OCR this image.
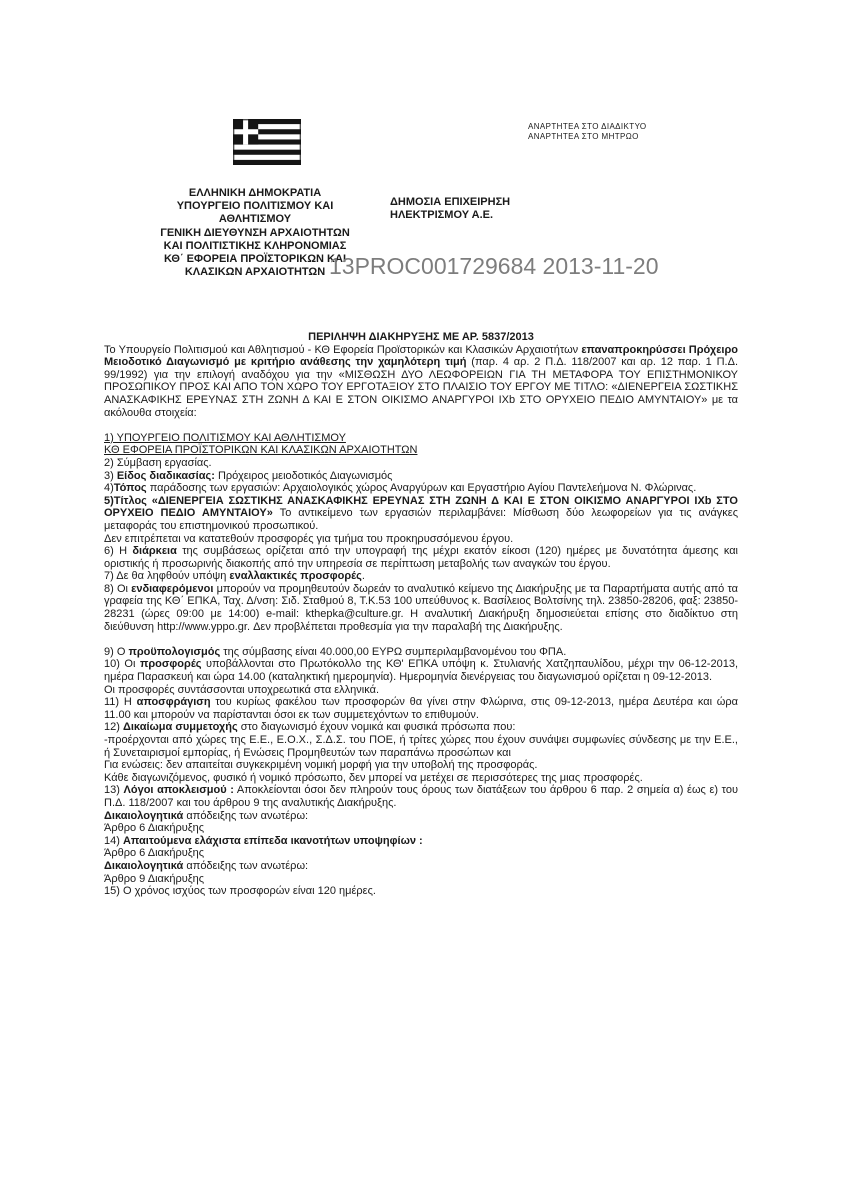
ΑΝΑΡΤΗΤΕΑ ΣΤΟ ΔΙΑΔΙΚΤΥΟ
ΑΝΑΡΤΗΤΕΑ ΣΤΟ ΜΗΤΡΩΟ
ΕΛΛΗΝΙΚΗ ΔΗΜΟΚΡΑΤΙΑ
ΥΠΟΥΡΓΕΙΟ ΠΟΛΙΤΙΣΜΟΥ ΚΑΙ
ΑΘΛΗΤΙΣΜΟΥ
ΓΕΝΙΚΗ ΔΙΕΥΘΥΝΣΗ ΑΡΧΑΙΟΤΗΤΩΝ
ΚΑΙ ΠΟΛΙΤΙΣΤΙΚΗΣ ΚΛΗΡΟΝΟΜΙΑΣ
ΚΘ΄ ΕΦΟΡΕΙΑ ΠΡΟΪΣΤΟΡΙΚΩΝ ΚΑΙ
ΚΛΑΣΙΚΩΝ ΑΡΧΑΙΟΤΗΤΩΝ
ΔΗΜΟΣΙΑ ΕΠΙΧΕΙΡΗΣΗ
ΗΛΕΚΤΡΙΣΜΟΥ Α.Ε.
13PROC001729684 2013-11-20
ΠΕΡΙΛΗΨΗ ΔΙΑΚΗΡΥΞΗΣ ΜΕ ΑΡ. 5837/2013
Το Υπουργείο Πολιτισμού και Αθλητισμού - ΚΘ Εφορεία Προϊστορικών και Κλασικών Αρχαιοτήτων επαναπροκηρύσσει Πρόχειρο Μειοδοτικό Διαγωνισμό με κριτήριο ανάθεσης την χαμηλότερη τιμή (παρ. 4 αρ. 2 Π.Δ. 118/2007 και αρ. 12 παρ. 1 Π.Δ. 99/1992) για την επιλογή αναδόχου για την «ΜΙΣΘΩΣΗ ΔΥΟ ΛΕΩΦΟΡΕΙΩΝ ΓΙΑ ΤΗ ΜΕΤΑΦΟΡΑ ΤΟΥ ΕΠΙΣΤΗΜΟΝΙΚΟΥ ΠΡΟΣΩΠΙΚΟΥ ΠΡΟΣ ΚΑΙ ΑΠΟ ΤΟΝ ΧΩΡΟ ΤΟΥ ΕΡΓΟΤΑΞΙΟΥ ΣΤΟ ΠΛΑΙΣΙΟ ΤΟΥ ΕΡΓΟΥ ΜΕ ΤΙΤΛΟ: «ΔΙΕΝΕΡΓΕΙΑ ΣΩΣΤΙΚΗΣ ΑΝΑΣΚΑΦΙΚΗΣ ΕΡΕΥΝΑΣ ΣΤΗ ΖΩΝΗ Δ ΚΑΙ Ε ΣΤΟΝ ΟΙΚΙΣΜΟ ΑΝΑΡΓΥΡΟΙ ΙΧb ΣΤΟ ΟΡΥΧΕΙΟ ΠΕΔΙΟ ΑΜΥΝΤΑΙΟΥ» με τα ακόλουθα στοιχεία:
1) ΥΠΟΥΡΓΕΙΟ ΠΟΛΙΤΙΣΜΟΥ ΚΑΙ ΑΘΛΗΤΙΣΜΟΥ
ΚΘ ΕΦΟΡΕΙΑ ΠΡΟΪΣΤΟΡΙΚΩΝ ΚΑΙ ΚΛΑΣΙΚΩΝ ΑΡΧΑΙΟΤΗΤΩΝ
2) Σύμβαση εργασίας.
3) Είδος διαδικασίας: Πρόχειρος μειοδοτικός Διαγωνισμός
4)Τόπος παράδοσης των εργασιών: Αρχαιολογικός χώρος Αναργύρων και Εργαστήριο Αγίου Παντελεήμονα Ν. Φλώρινας.
5)Τίτλος «ΔΙΕΝΕΡΓΕΙΑ ΣΩΣΤΙΚΗΣ ΑΝΑΣΚΑΦΙΚΗΣ ΕΡΕΥΝΑΣ ΣΤΗ ΖΩΝΗ Δ ΚΑΙ Ε ΣΤΟΝ ΟΙΚΙΣΜΟ ΑΝΑΡΓΥΡΟΙ ΙΧb ΣΤΟ ΟΡΥΧΕΙΟ ΠΕΔΙΟ ΑΜΥΝΤΑΙΟΥ» Το αντικείμενο των εργασιών περιλαμβάνει: Μίσθωση δύο λεωφορείων για τις ανάγκες μεταφοράς του επιστημονικού προσωπικού.
Δεν επιτρέπεται να κατατεθούν προσφορές για τμήμα του προκηρυσσόμενου έργου.
6) Η διάρκεια της συμβάσεως ορίζεται από την υπογραφή της μέχρι εκατόν είκοσι (120) ημέρες με δυνατότητα άμεσης και οριστικής ή προσωρινής διακοπής από την υπηρεσία σε περίπτωση μεταβολής των αναγκών του έργου.
7) Δε θα ληφθούν υπόψη εναλλακτικές προσφορές.
8) Οι ενδιαφερόμενοι μπορούν να προμηθευτούν δωρεάν το αναλυτικό κείμενο της Διακήρυξης με τα Παραρτήματα αυτής από τα γραφεία της ΚΘ΄ ΕΠΚΑ, Ταχ. Δ/νση: Σιδ. Σταθμού 8, Τ.Κ.53 100 υπεύθυνος κ. Βασίλειος Βολτσίνης τηλ. 23850-28206, φαξ: 23850- 28231 (ώρες 09:00 με 14:00) e-mail: kthepka@culture.gr. Η αναλυτική Διακήρυξη δημοσιεύεται επίσης στο διαδίκτυο στη διεύθυνση http://www.yppo.gr. Δεν προβλέπεται προθεσμία για την παραλαβή της Διακήρυξης.
9) Ο προϋπολογισμός της σύμβασης είναι 40.000,00 ΕΥΡΩ συμπεριλαμβανομένου του ΦΠΑ.
10) Οι προσφορές υποβάλλονται στο Πρωτόκολλο της ΚΘ' ΕΠΚΑ υπόψη κ. Στυλιανής Χατζηπαυλίδου, μέχρι την 06-12-2013, ημέρα Παρασκευή και ώρα 14.00 (καταληκτική ημερομηνία). Ημερομηνία διενέργειας του διαγωνισμού ορίζεται η 09-12-2013.
Οι προσφορές συντάσσονται υποχρεωτικά στα ελληνικά.
11) Η αποσφράγιση του κυρίως φακέλου των προσφορών θα γίνει στην Φλώρινα, στις 09-12-2013, ημέρα Δευτέρα και ώρα 11.00 και μπορούν να παρίστανται όσοι εκ των συμμετεχόντων το επιθυμούν.
12) Δικαίωμα συμμετοχής στο διαγωνισμό έχουν νομικά και φυσικά πρόσωπα που:
-προέρχονται από χώρες της Ε.Ε., Ε.Ο.Χ., Σ.Δ.Σ. του ΠΟΕ, ή τρίτες χώρες που έχουν συνάψει συμφωνίες σύνδεσης με την Ε.Ε., ή Συνεταιρισμοί εμπορίας, ή Ενώσεις Προμηθευτών των παραπάνω προσώπων και
Για ενώσεις: δεν απαιτείται συγκεκριμένη νομική μορφή για την υποβολή της προσφοράς.
Κάθε διαγωνιζόμενος, φυσικό ή νομικό πρόσωπο, δεν μπορεί να μετέχει σε περισσότερες της μιας προσφορές.
13) Λόγοι αποκλεισμού : Αποκλείονται όσοι δεν πληρούν τους όρους των διατάξεων του άρθρου 6 παρ. 2 σημεία α) έως ε) του Π.Δ. 118/2007 και του άρθρου 9 της αναλυτικής Διακήρυξης.
Δικαιολογητικά απόδειξης των ανωτέρω:
Άρθρο 6 Διακήρυξης
14) Απαιτούμενα ελάχιστα επίπεδα ικανοτήτων υποψηφίων :
Άρθρο 6 Διακήρυξης
Δικαιολογητικά απόδειξης των ανωτέρω:
Άρθρο 9 Διακήρυξης
15) Ο χρόνος ισχύος των προσφορών είναι 120 ημέρες.
